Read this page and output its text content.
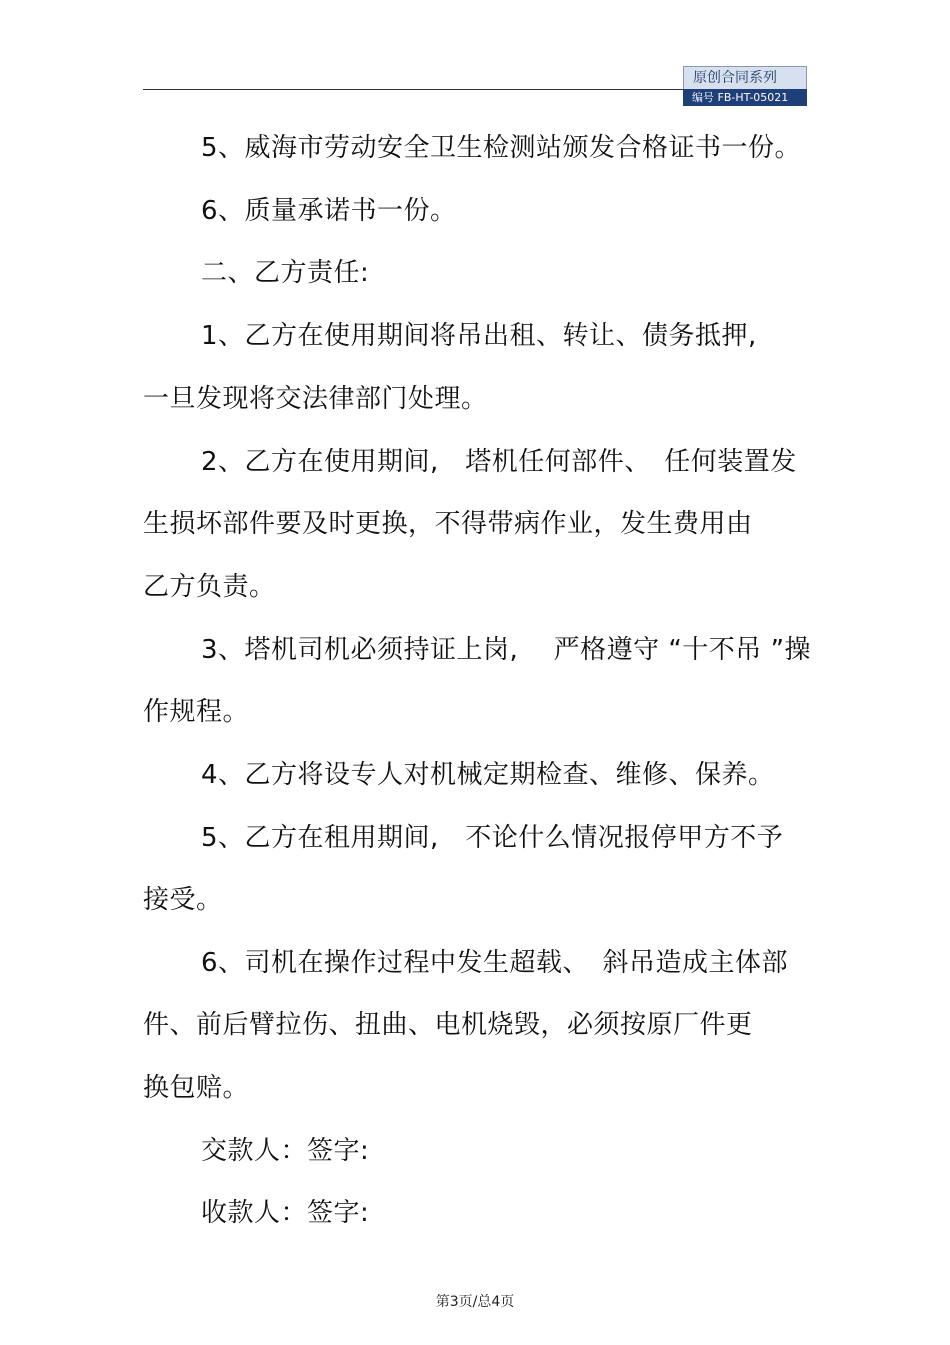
原创合同系列
编号 FB-HT-05021
5、威海市劳动安全卫生检测站颁发合格证书一份。
6、质量承诺书一份。
二、乙方责任:
1、乙方在使用期间将吊出租、转让、债务抵押,
一旦发现将交法律部门处理。
2、乙方在使用期间,　塔机任何部件、　任何装置发
生损坏部件要及时更换，不得带病作业，发生费用由
乙方负责。
3、塔机司机必须持证上岗,　 严格遵守 “十不吊 ”操
作规程。
4、乙方将设专人对机械定期检查、维修、保养。
5、乙方在租用期间,　不论什么情况报停甲方不予
接受。
6、司机在操作过程中发生超载、　斜吊造成主体部
件、前后臂拉伤、扭曲、电机烧毁，必须按原厂件更
换包赔。
交款人：签字:
收款人：签字:
第3页/总4页
